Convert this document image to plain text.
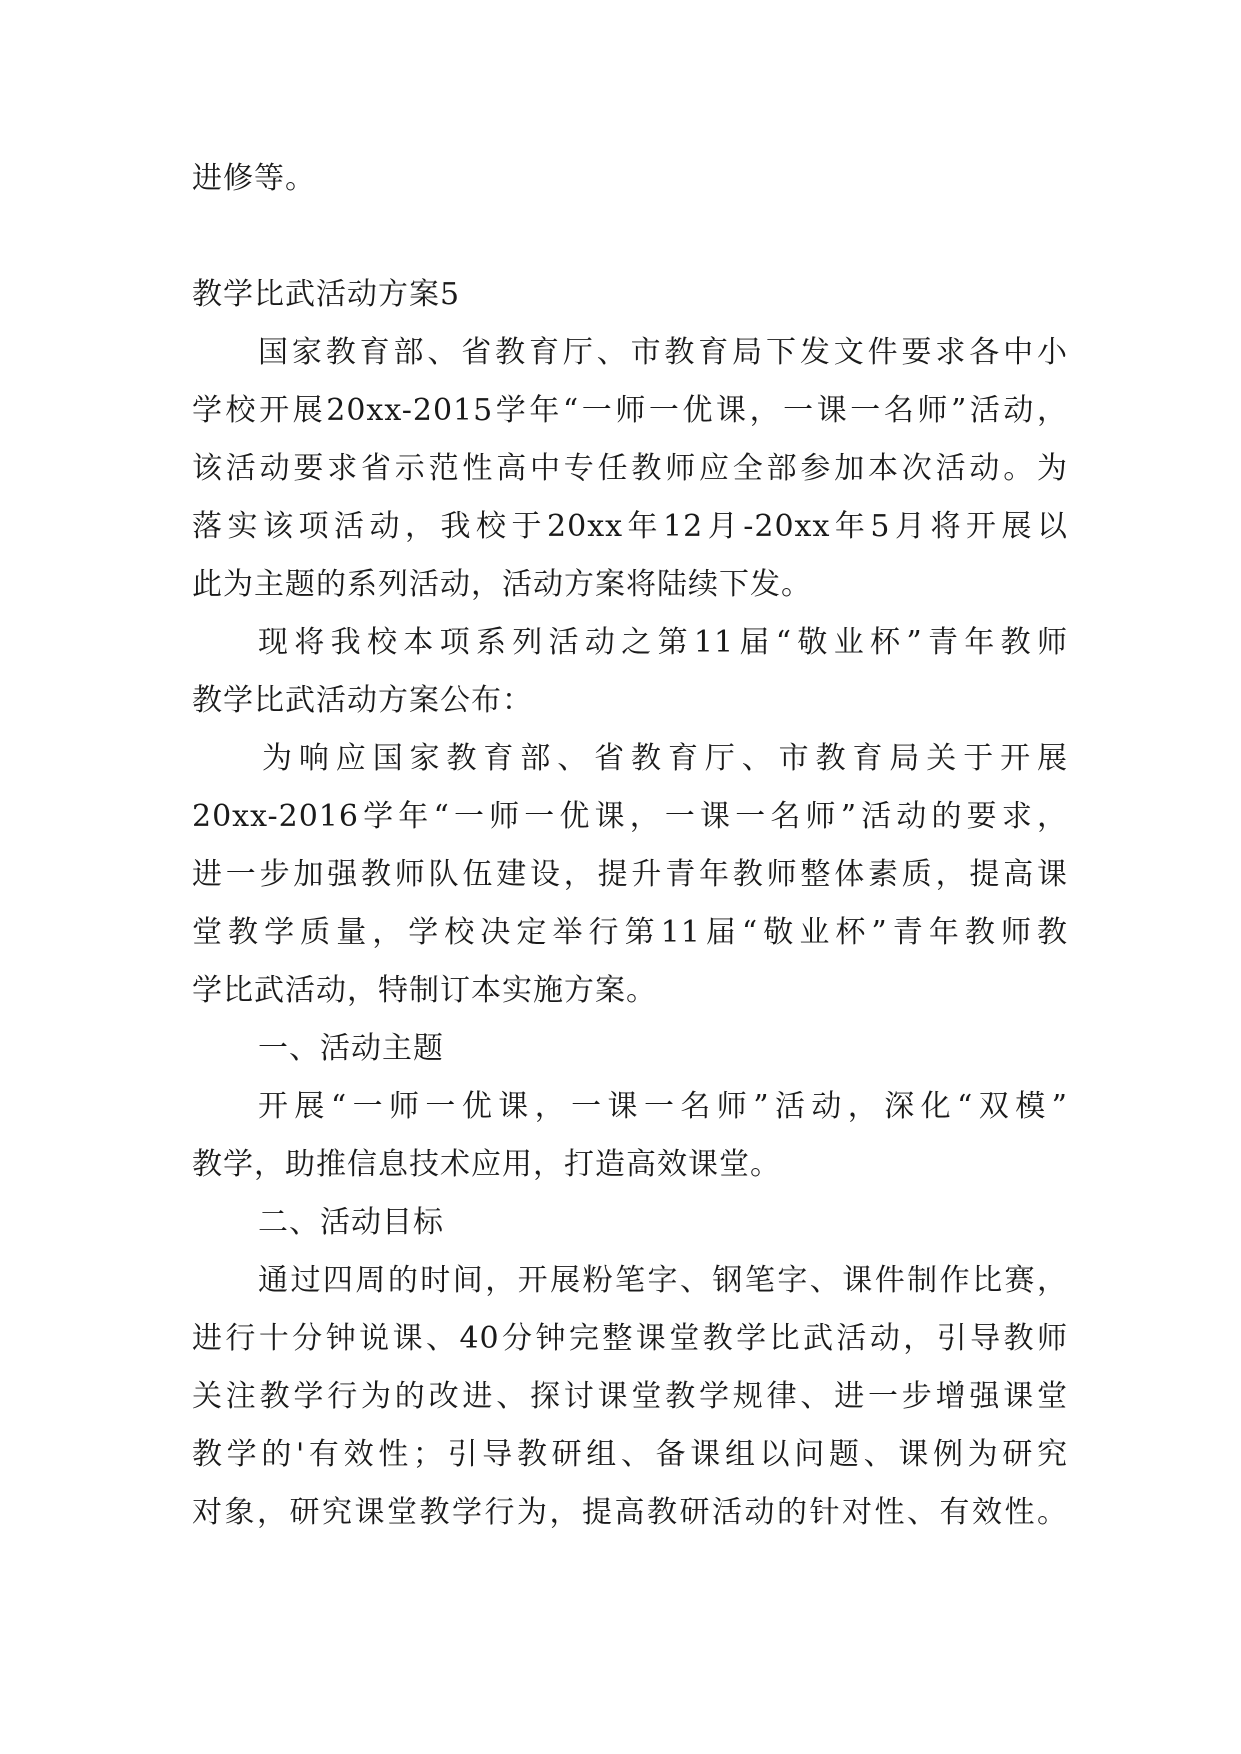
进修等。
教学比武活动方案5
国家教育部、省教育厅、市教育局下发文件要求各中小
学校开展20xx-2015学年“一师一优课，一课一名师”活动，
该活动要求省示范性高中专任教师应全部参加本次活动。为
落实该项活动，我校于20xx年12月-20xx年5月将开展以
此为主题的系列活动，活动方案将陆续下发。
现将我校本项系列活动之第11届“敬业杯”青年教师
教学比武活动方案公布：
为响应国家教育部、省教育厅、市教育局关于开展
20xx-2016学年“一师一优课，一课一名师”活动的要求，
进一步加强教师队伍建设，提升青年教师整体素质，提高课
堂教学质量，学校决定举行第11届“敬业杯”青年教师教
学比武活动，特制订本实施方案。
一、活动主题
开展“一师一优课，一课一名师”活动，深化“双模”
教学，助推信息技术应用，打造高效课堂。
二、活动目标
通过四周的时间，开展粉笔字、钢笔字、课件制作比赛，
进行十分钟说课、40分钟完整课堂教学比武活动，引导教师
关注教学行为的改进、探讨课堂教学规律、进一步增强课堂
教学的'有效性；引导教研组、备课组以问题、课例为研究
对象，研究课堂教学行为，提高教研活动的针对性、有效性。
